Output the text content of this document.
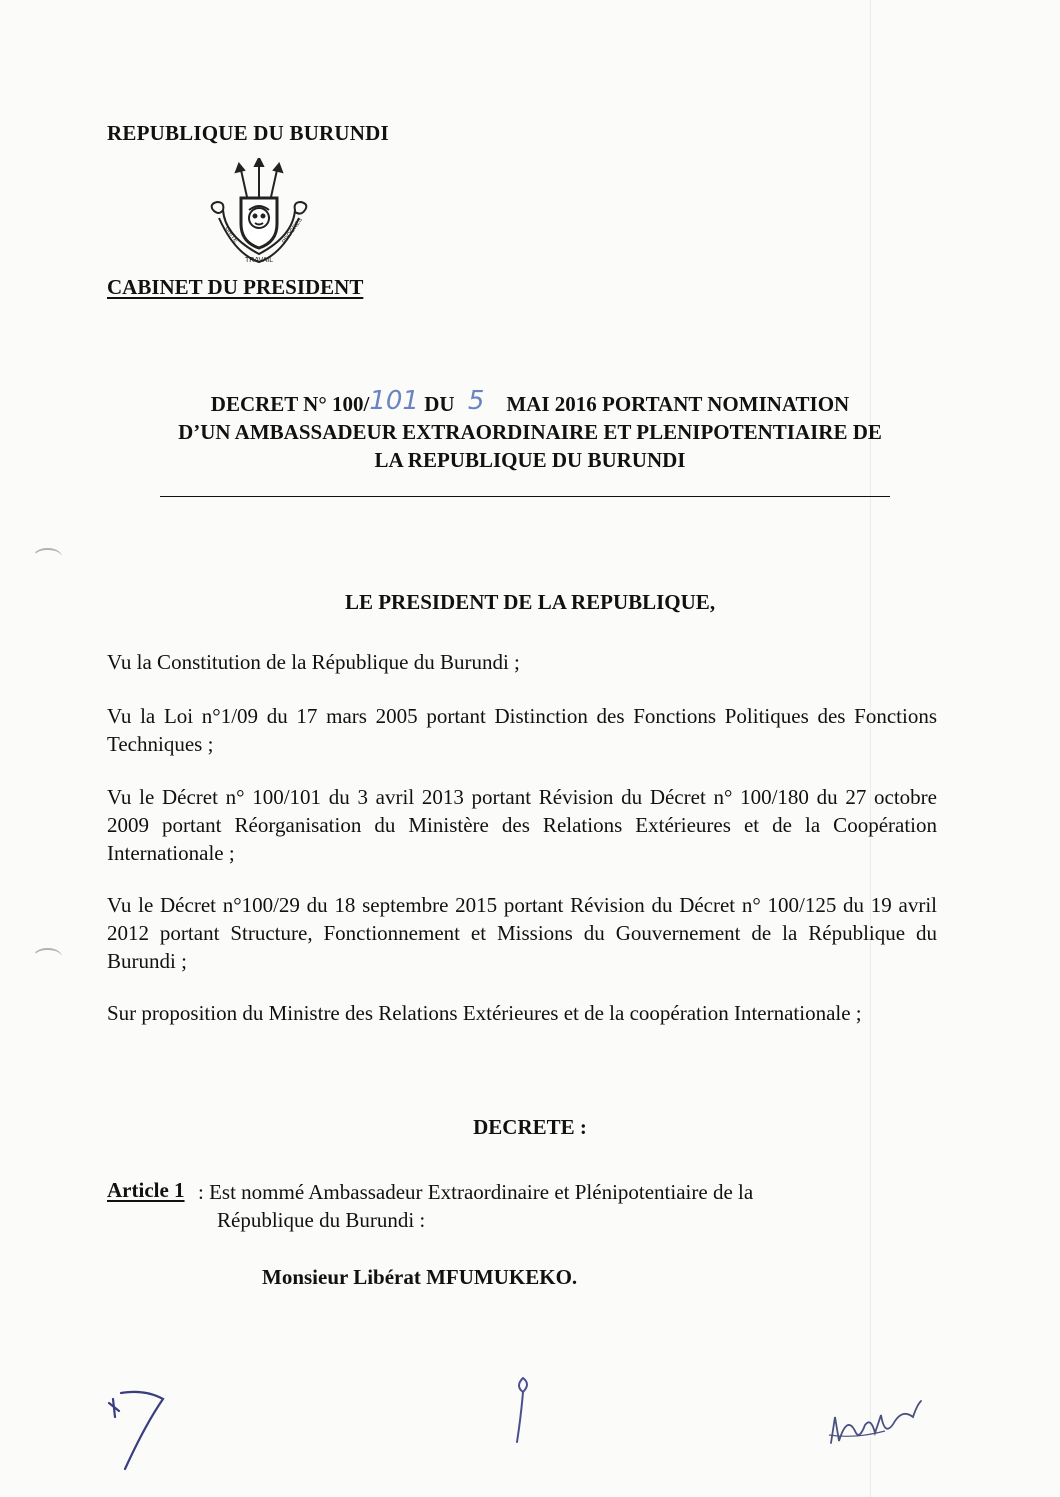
REPUBLIQUE DU BURUNDI
UNITE
TRAVAIL
PROGRES
CABINET DU PRESIDENT
DECRET N° 100/101 DU 5 MAI 2016 PORTANT NOMINATION
D’UN AMBASSADEUR EXTRAORDINAIRE ET PLENIPOTENTIAIRE DE
LA REPUBLIQUE DU BURUNDI
LE PRESIDENT DE LA REPUBLIQUE,
Vu la Constitution de la République du Burundi ;
Vu la Loi n°1/09 du 17 mars 2005 portant Distinction des Fonctions Politiques des Fonctions Techniques ;
Vu le Décret n° 100/101 du 3 avril 2013 portant Révision du Décret n° 100/180 du 27 octobre 2009 portant Réorganisation du Ministère des Relations Extérieures et de la Coopération Internationale ;
Vu le Décret n°100/29 du 18 septembre 2015 portant Révision du Décret n° 100/125 du 19 avril 2012 portant Structure, Fonctionnement et Missions du Gouvernement de la République du Burundi ;
Sur proposition du Ministre des Relations Extérieures et de la coopération Internationale ;
DECRETE :
Article 1 : Est nommé Ambassadeur Extraordinaire et Plénipotentiaire de la
République du Burundi :
Monsieur Libérat MFUMUKEKO.
